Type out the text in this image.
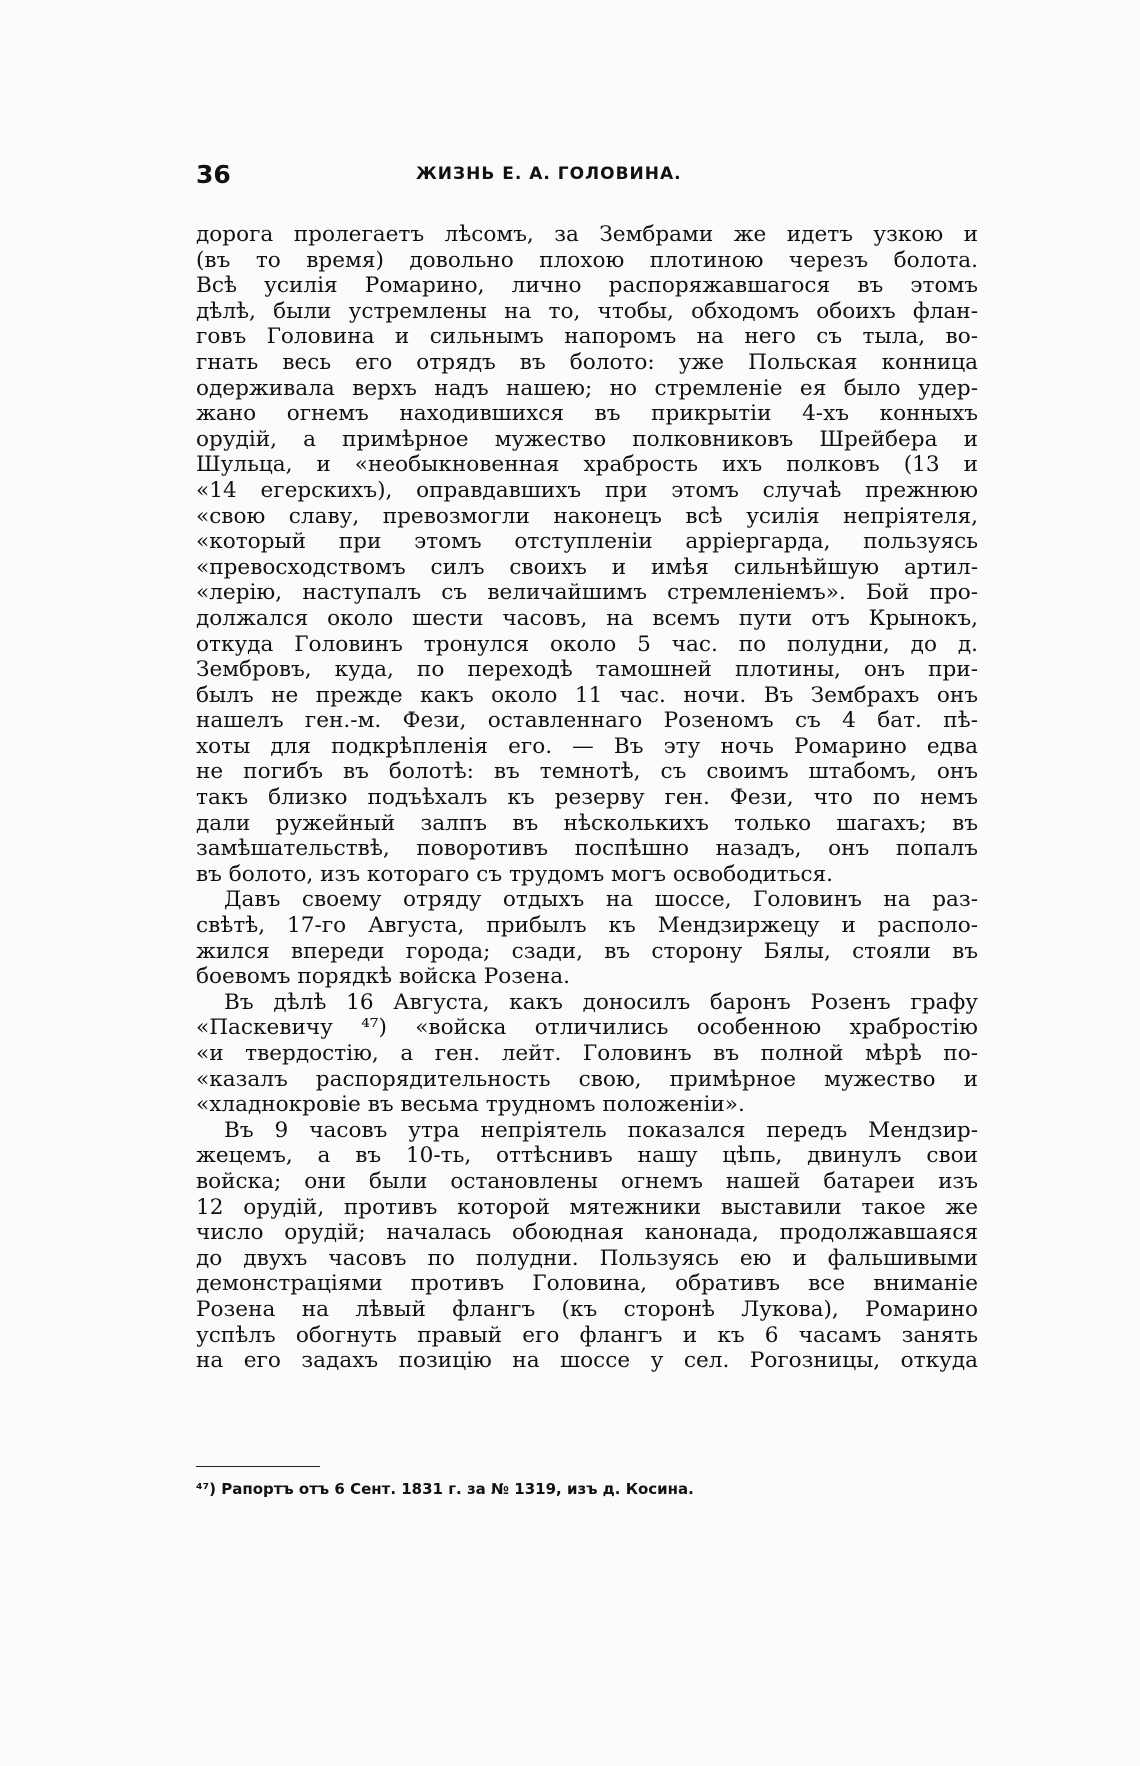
36	ЖИЗНЬ Е. А. ГОЛОВИНА.
дорога пролегаетъ лѣсомъ, за Зембрами же идетъ узкою и
(въ то время) довольно плохою плотиною черезъ болота.
Всѣ усилія Ромарино, лично распоряжавшагося въ этомъ
дѣлѣ, были устремлены на то, чтобы, обходомъ обоихъ флан-
говъ Головина и сильнымъ напоромъ на него съ тыла, во-
гнать весь его отрядъ въ болото: уже Польская конница
одерживала верхъ надъ нашею; но стремленіе ея было удер-
жано огнемъ находившихся въ прикрытіи 4-хъ конныхъ
орудій, а примѣрное мужество полковниковъ Шрейбера и
Шульца, и «необыкновенная храбрость ихъ полковъ (13 и
«14 егерскихъ), оправдавшихъ при этомъ случаѣ прежнюю
«свою славу, превозмогли наконецъ всѣ усилія непріятеля,
«который при этомъ отступленіи арріергарда, пользуясь
«превосходствомъ силъ своихъ и имѣя сильнѣйшую артил-
«лерію, наступалъ съ величайшимъ стремленіемъ». Бой про-
должался около шести часовъ, на всемъ пути отъ Крынокъ,
откуда Головинъ тронулся около 5 час. по полудни, до д.
Зембровъ, куда, по переходѣ тамошней плотины, онъ при-
былъ не прежде какъ около 11 час. ночи. Въ Зембрахъ онъ
нашелъ ген.-м. Фези, оставленнаго Розеномъ съ 4 бат. пѣ-
хоты для подкрѣпленія его. — Въ эту ночь Ромарино едва
не погибъ въ болотѣ: въ темнотѣ, съ своимъ штабомъ, онъ
такъ близко подъѣхалъ къ резерву ген. Фези, что по немъ
дали ружейный залпъ въ нѣсколькихъ только шагахъ; въ
замѣшательствѣ, поворотивъ поспѣшно назадъ, онъ попалъ
въ болото, изъ котораго съ трудомъ могъ освободиться.
Давъ своему отряду отдыхъ на шоссе, Головинъ на раз-
свѣтѣ, 17-го Августа, прибылъ къ Мендзиржецу и располо-
жился впереди города; сзади, въ сторону Бялы, стояли въ
боевомъ порядкѣ войска Розена.
Въ дѣлѣ 16 Августа, какъ доносилъ баронъ Розенъ графу
«Паскевичу ⁴⁷) «войска отличились особенною храбростію
«и твердостію, а ген. лейт. Головинъ въ полной мѣрѣ по-
«казалъ распорядительность свою, примѣрное мужество и
«хладнокровіе въ весьма трудномъ положеніи».
Въ 9 часовъ утра непріятель показался передъ Мендзир-
жецемъ, а въ 10-ть, оттѣснивъ нашу цѣпь, двинулъ свои
войска; они были остановлены огнемъ нашей батареи изъ
12 орудій, противъ которой мятежники выставили такое же
число орудій; началась обоюдная канонада, продолжавшаяся
до двухъ часовъ по полудни. Пользуясь ею и фальшивыми
демонстраціями противъ Головина, обративъ все вниманіе
Розена на лѣвый флангъ (къ сторонѣ Лукова), Ромарино
успѣлъ обогнуть правый его флангъ и къ 6 часамъ занять
на его задахъ позицію на шоссе у сел. Рогозницы, откуда
⁴⁷) Рапортъ отъ 6 Сент. 1831 г. за № 1319, изъ д. Косина.
